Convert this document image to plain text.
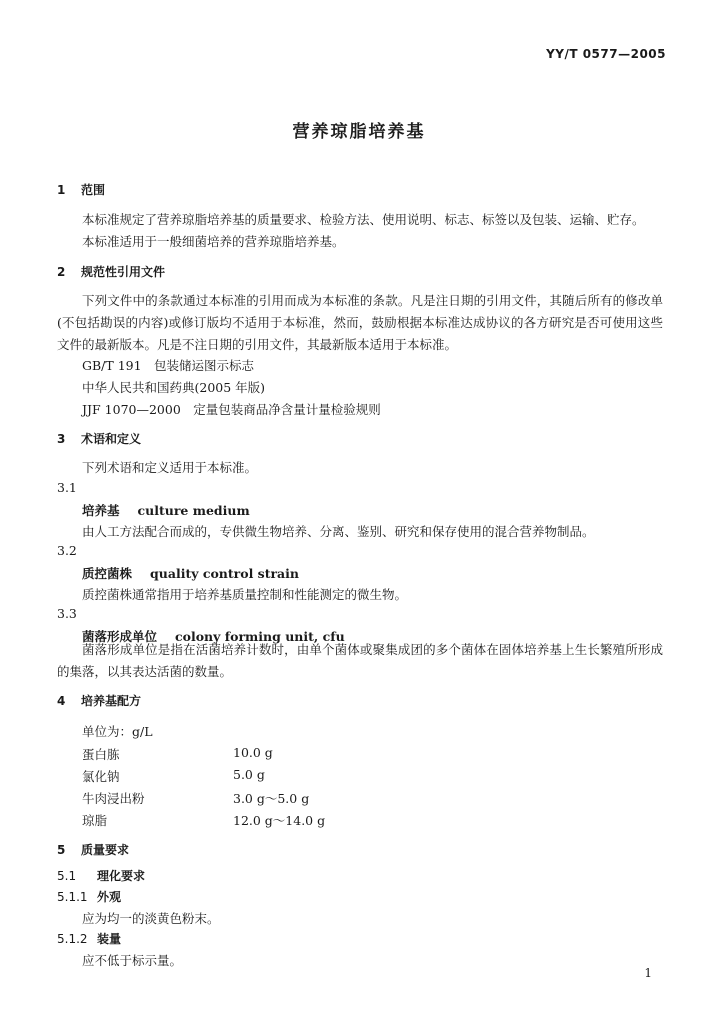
YY/T 0577—2005
营养琼脂培养基
1 范围
本标准规定了营养琼脂培养基的质量要求、检验方法、使用说明、标志、标签以及包装、运输、贮存。
本标准适用于一般细菌培养的营养琼脂培养基。
2 规范性引用文件
下列文件中的条款通过本标准的引用而成为本标准的条款。凡是注日期的引用文件，其随后所有的修改单(不包括勘误的内容)或修订版均不适用于本标准，然而，鼓励根据本标准达成协议的各方研究是否可使用这些文件的最新版本。凡是不注日期的引用文件，其最新版本适用于本标准。
GB/T 191　包装储运图示标志
中华人民共和国药典(2005 年版)
JJF 1070—2000　定量包装商品净含量计量检验规则
3 术语和定义
下列术语和定义适用于本标准。
3.1
培养基 culture medium
由人工方法配合而成的，专供微生物培养、分离、鉴别、研究和保存使用的混合营养物制品。
3.2
质控菌株 quality control strain
质控菌株通常指用于培养基质量控制和性能测定的微生物。
3.3
菌落形成单位 colony forming unit, cfu
菌落形成单位是指在活菌培养计数时，由单个菌体或聚集成团的多个菌体在固体培养基上生长繁殖所形成的集落，以其表达活菌的数量。
4 培养基配方
单位为：g/L
蛋白胨	10.0 g
氯化钠	5.0 g
牛肉浸出粉	3.0 g～5.0 g
琼脂	12.0 g～14.0 g
5 质量要求
5.1 理化要求
5.1.1 外观
应为均一的淡黄色粉末。
5.1.2 装量
应不低于标示量。
1
